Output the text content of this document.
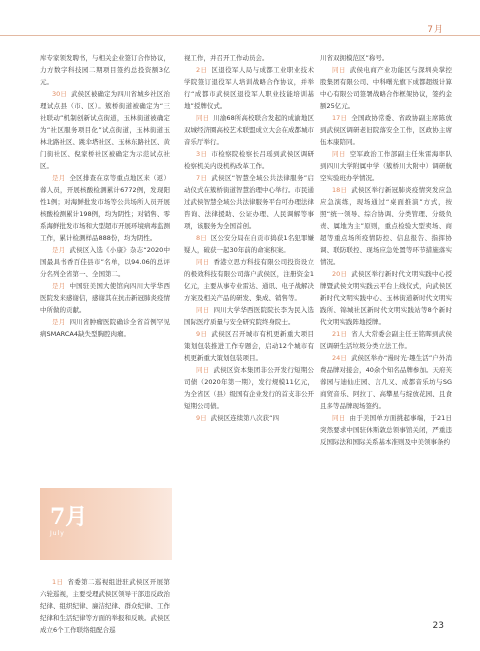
7月

库专家领发聘书，与相关企业签订合作协议，力方数字科技园二期项目签约总投资额3亿元。

30日 武侯区被确定为四川省城乡社区治理试点县（市、区）。簇桥街道被确定为“三社联动”机制创新试点街道，玉林街道被确定为“社区服务项目化”试点街道，玉林街道玉林北路社区、跳伞塔社区、玉林东路社区、黄门街社区、倪家桥社区被确定为示范试点社区。

是月 全区排查在京等重点地区来（返）蓉人员，开展核酸检测累计6772例，发现阳性1例；对海鲜批发市场等公共场所人员开展核酸检测累计198例，均为阴性；对销售、零系海鲜批发市场和大型超市开展环境病毒监测工作，累计检测样品888份，均为阴性。

是月 武侯区入选《小康》杂志“2020中国最具书香百佳县市”名单，以94.06的总评分名列全省第一、全国第二。

是月 中国驻美国大使馆向四川大学华西医院发来感谢信，感谢其在抗击新冠肺炎疫情中所做的贡献。

是月 四川省肿瘤医院确诊全省首例罕见病SMARCA4缺失型胸腔肉瘤。

视工作，并召开工作动员会。

2日 区退役军人局与成都工业职业技术学院签订退役军人培训战略合作协议，并举行“成都市武侯区退役军人职业技能培训基地”授牌仪式。

同日 川渝68所高校联合发起的成渝地区双城经济圈高校艺术联盟成立大会在成都城市音乐厅举行。

3日 市检察院检察长吕瑶到武侯区调研检察机关内设机构改革工作。

7日 武侯区“智慧全域公共法律服务”启动仪式在簇桥街道智慧治理中心举行。市民通过武侯智慧全域公共法律服务平台可办理法律咨询、法律援助、公证办理、人民调解等事项，该服务为全国首创。

8日 区公安分局在自贡市捣获1名犯罪嫌疑人，破获一起30年前的命案积案。

同日 香港立思方科技有限公司投资设立的极效科技有限公司落户武侯区，注册资金1亿元，主要从事专业雷达、通讯、电子战解决方案及相关产品的研发、集成、销售等。

同日 四川大学华西医院院长李为民入选国际医疗质量与安全研究院终身院士。

9日 武侯区召开城市有机更新重大项目策划包装推进工作专题会，启动12个城市有机更新重大策划包装项目。

同日 武侯区资本集团非公开发行短期公司债（2020年第一期），发行规模11亿元，为全省区（县）级国有企业发行的首支非公开短期公司债。

9日 武侯区连续第八次获“四

川省双拥模范区”称号。

同日 武侯电商产业功能区与深圳央掌控股集团有限公司、中科曙光旗下成都超级计算中心有限公司签署战略合作框架协议，签约金额25亿元。

17日 全国政协常委、省政协副主席陈放到武侯区调研老旧院落安全工作，区政协主席伍本康陪同。

同日 空军政治工作部副主任朱雷海率队到四川大学附属中学（簇桥川大附中）调研航空实验班办学情况。

18日 武侯区举行新冠肺炎疫情突发应急应急演练，现场通过“桌面推演”方式，按照“统一领导、综合协调、分类管理、分级负责、属地为主”原则，重点检验大型卖场、商超等重点场所疫情防控、信息报告、指挥协调、联防联控、现场应急处置等环节措施落实情况。

20日 武侯区举行新时代文明实践中心授牌暨武侯文明实践云平台上线仪式，向武侯区新时代文明实践中心、玉林街道新时代文明实践所、锦城社区新时代文明实践站等8个新时代文明实践阵地授牌。

21日 省人大常委会副主任王铭晖到武侯区调研生活垃圾分类立法工作。

24日 武侯区举办“漫时光·趣生活”户外消费品牌对接会，40余个知名品牌参加。天府芙蓉园与迪仙庄园、言几又、成都音乐坊与SG商贸音乐、阿拉丁、高攀星与绽放花园、且食且多等品牌现场签约。

同日 由于美国单方面挑起事端，于21日突然要求中国驻休斯敦总领事馆关闭，严重违反国际法和国际关系基本准则及中美领事条约

7月
July

1日 省委第二巡视组进驻武侯区开展第六轮巡视，主要受理武侯区领导干部违反政治纪律、组织纪律、廉洁纪律、群众纪律、工作纪律和生活纪律等方面的举报和反映。武侯区成立6个工作联络组配合巡	23
